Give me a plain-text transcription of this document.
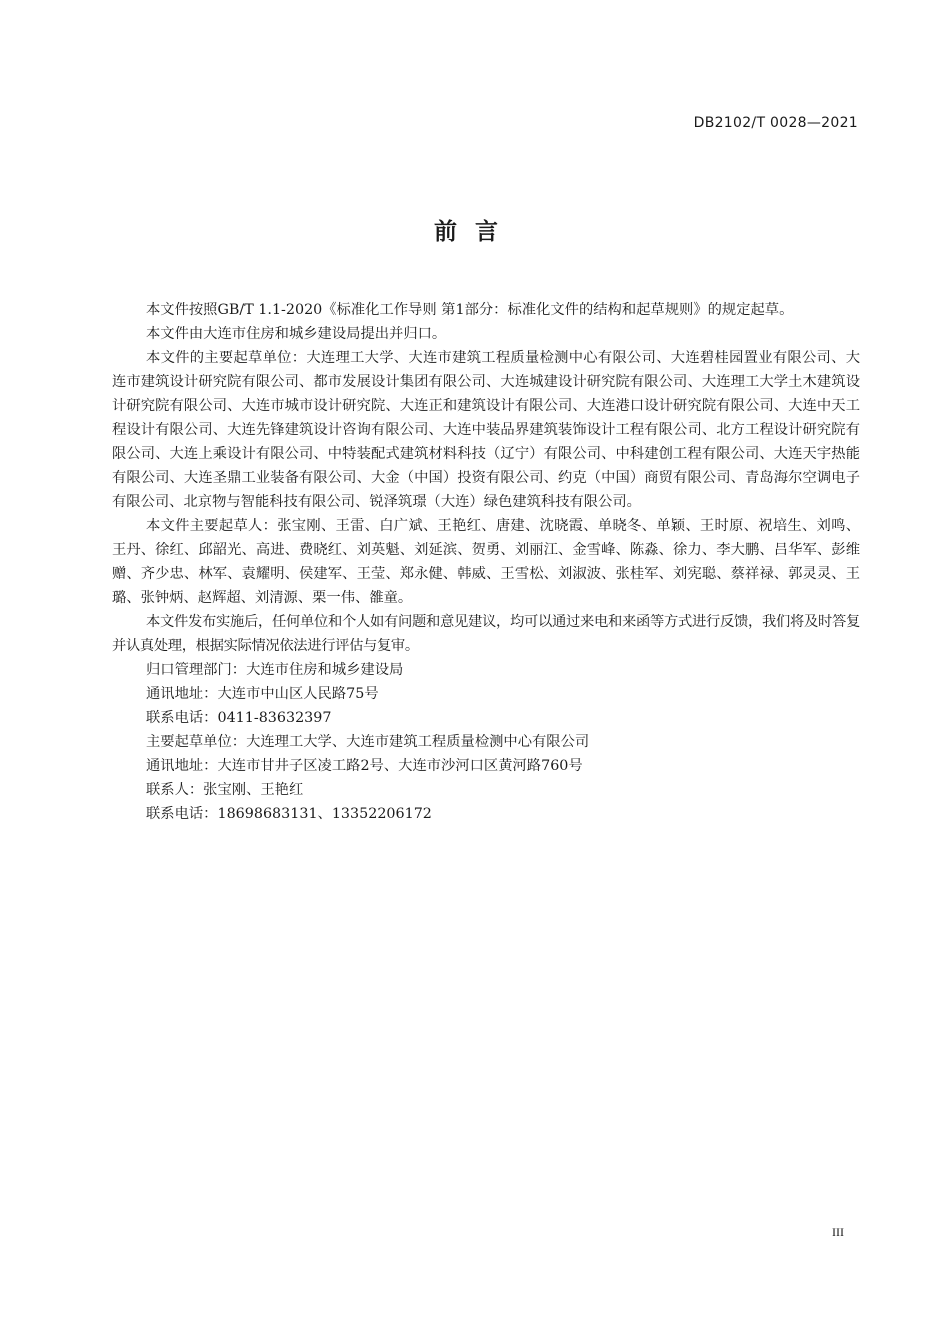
DB2102/T 0028—2021
前言

本文件按照GB/T 1.1-2020《标准化工作导则 第1部分：标准化文件的结构和起草规则》的规定起草。

本文件由大连市住房和城乡建设局提出并归口。

本文件的主要起草单位：大连理工大学、大连市建筑工程质量检测中心有限公司、大连碧桂园置业有限公司、大连市建筑设计研究院有限公司、都市发展设计集团有限公司、大连城建设计研究院有限公司、大连理工大学土木建筑设计研究院有限公司、大连市城市设计研究院、大连正和建筑设计有限公司、大连港口设计研究院有限公司、大连中天工程设计有限公司、大连先锋建筑设计咨询有限公司、大连中装品界建筑装饰设计工程有限公司、北方工程设计研究院有限公司、大连上乘设计有限公司、中特装配式建筑材料科技（辽宁）有限公司、中科建创工程有限公司、大连天宇热能有限公司、大连圣鼎工业装备有限公司、大金（中国）投资有限公司、约克（中国）商贸有限公司、青岛海尔空调电子有限公司、北京物与智能科技有限公司、锐泽筑璟（大连）绿色建筑科技有限公司。

本文件主要起草人：张宝刚、王雷、白广斌、王艳红、唐建、沈晓霞、单晓冬、单颖、王时原、祝培生、刘鸣、王丹、徐红、邱韶光、高进、费晓红、刘英魁、刘延滨、贺勇、刘丽江、金雪峰、陈淼、徐力、李大鹏、吕华军、彭维赠、齐少忠、林军、袁耀明、侯建军、王莹、郑永健、韩威、王雪松、刘淑波、张桂军、刘宪聪、蔡祥禄、郭灵灵、王璐、张钟炳、赵辉超、刘清源、栗一伟、雒童。

本文件发布实施后，任何单位和个人如有问题和意见建议，均可以通过来电和来函等方式进行反馈，我们将及时答复并认真处理，根据实际情况依法进行评估与复审。

归口管理部门：大连市住房和城乡建设局

通讯地址：大连市中山区人民路75号

联系电话：0411-83632397

主要起草单位：大连理工大学、大连市建筑工程质量检测中心有限公司

通讯地址：大连市甘井子区凌工路2号、大连市沙河口区黄河路760号

联系人：张宝刚、王艳红

联系电话：18698683131、13352206172

III
